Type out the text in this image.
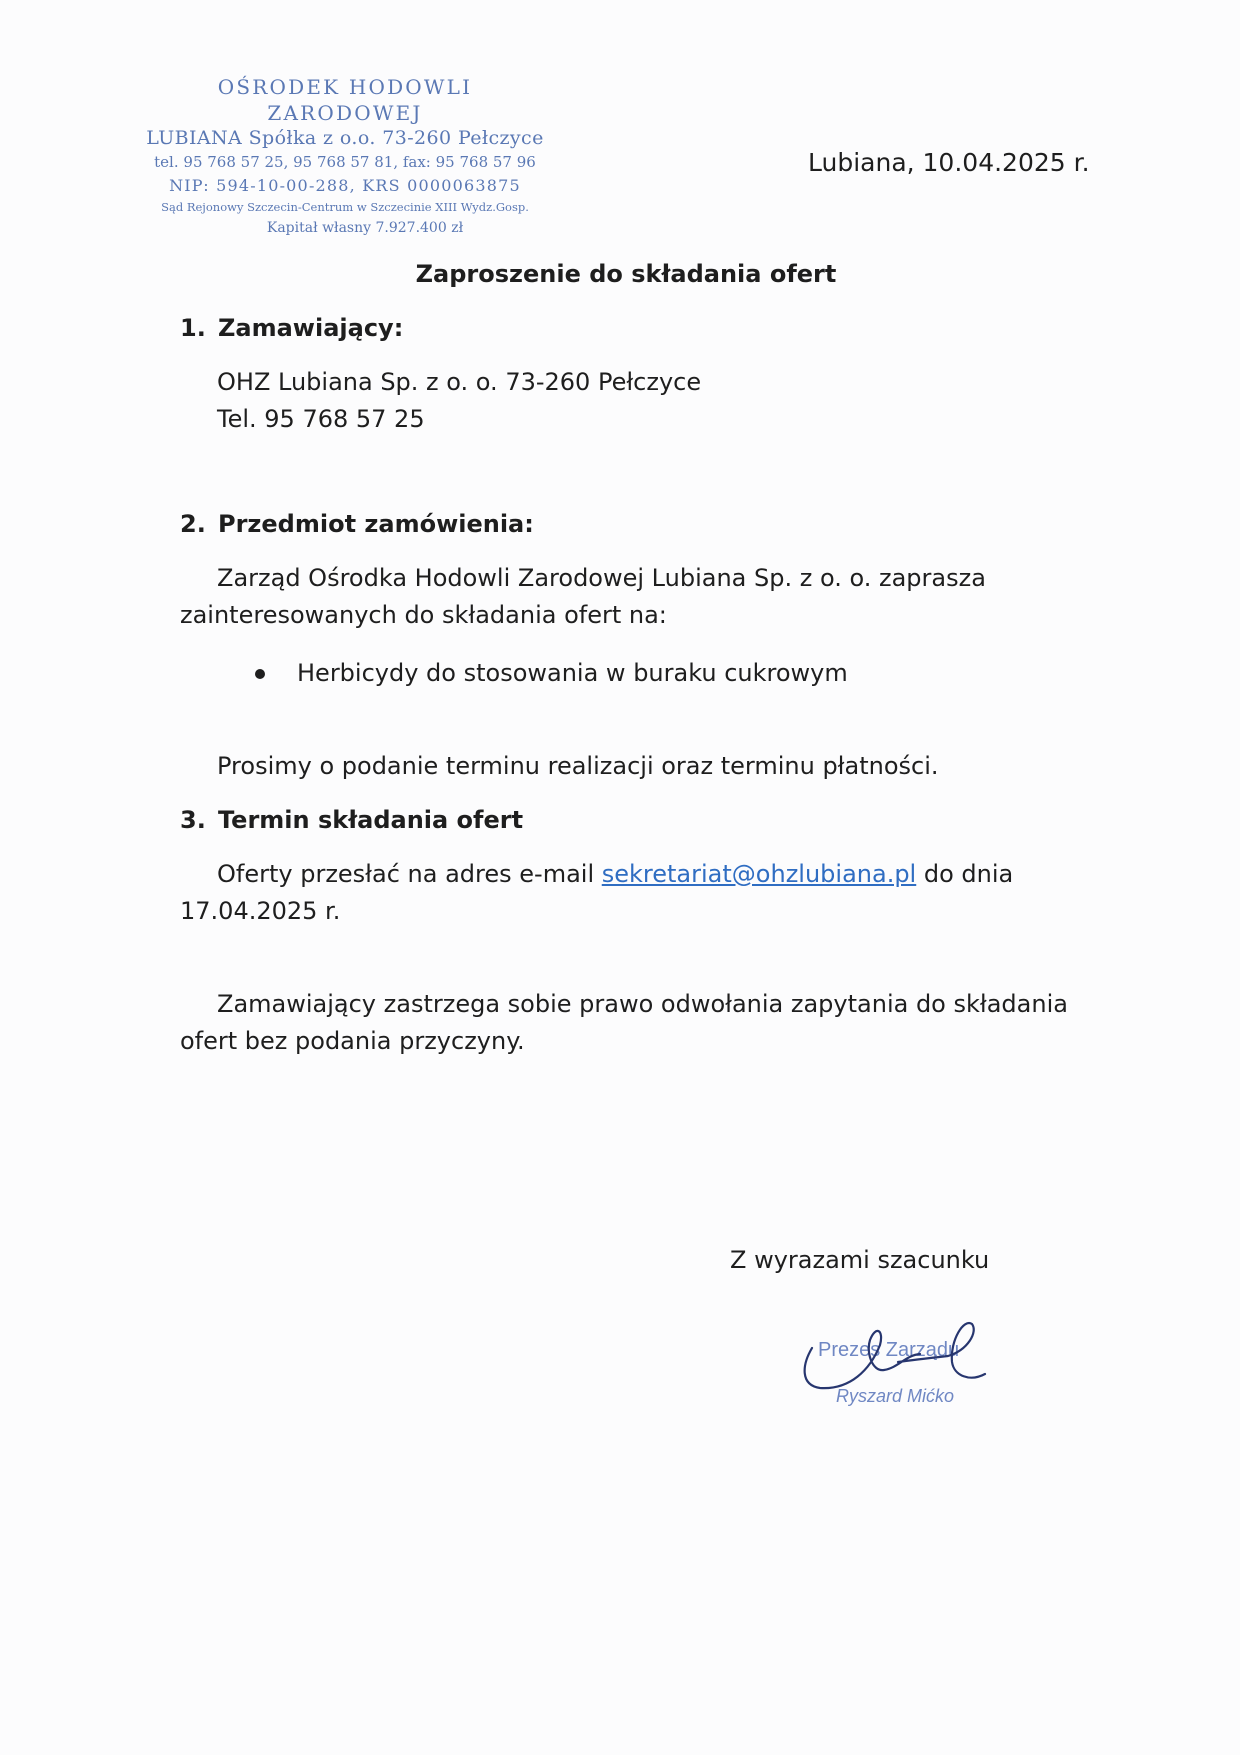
OŚRODEK HODOWLI ZARODOWEJ
LUBIANA Spółka z o.o. 73-260 Pełczyce
tel. 95 768 57 25, 95 768 57 81, fax: 95 768 57 96
NIP: 594-10-00-288, KRS 0000063875
Sąd Rejonowy Szczecin-Centrum w Szczecinie XIII Wydz.Gosp.
Kapitał własny 7.927.400 zł
Lubiana, 10.04.2025 r.
Zaproszenie do składania ofert
1. Zamawiający:
OHZ Lubiana Sp. z o. o. 73-260 Pełczyce
Tel. 95 768 57 25
2. Przedmiot zamówienia:
Zarząd Ośrodka Hodowli Zarodowej Lubiana Sp. z o. o. zaprasza
zainteresowanych do składania ofert na:
Herbicydy do stosowania w buraku cukrowym
Prosimy o podanie terminu realizacji oraz terminu płatności.
3. Termin składania ofert
Oferty przesłać na adres e-mail sekretariat@ohzlubiana.pl do dnia
17.04.2025 r.
Zamawiający zastrzega sobie prawo odwołania zapytania do składania
ofert bez podania przyczyny.
Z wyrazami szacunku
Prezes Zarządu
Ryszard Mićko
